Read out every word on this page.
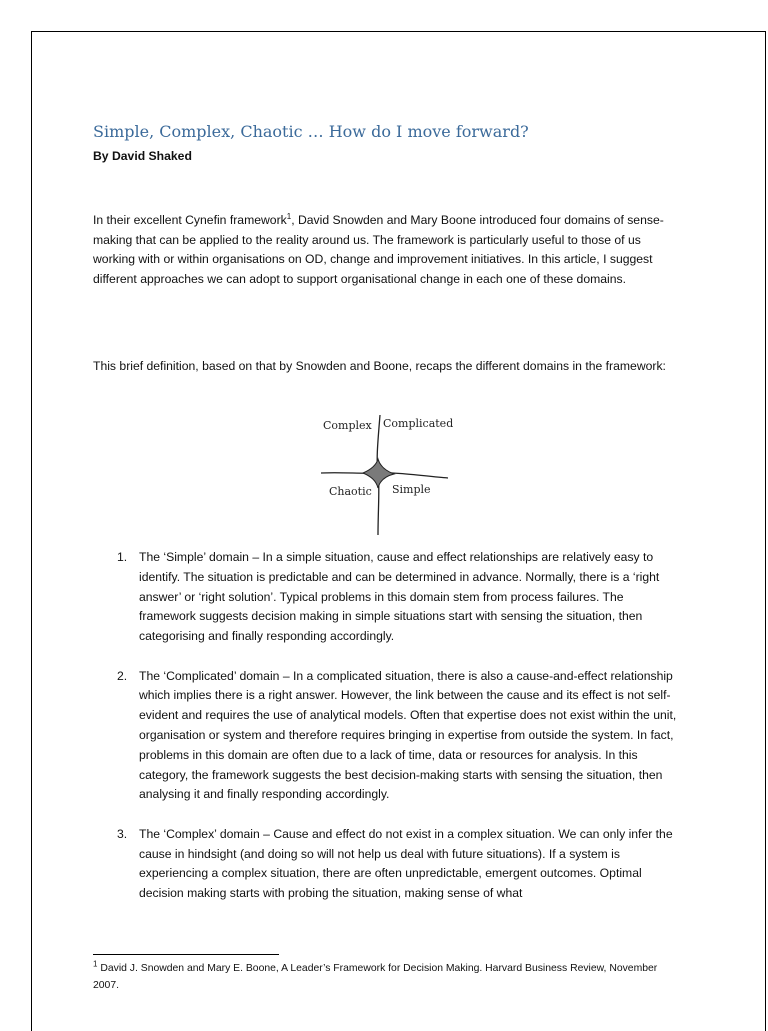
Simple, Complex, Chaotic … How do I move forward?
By David Shaked

In their excellent Cynefin framework$^1$, David Snowden and Mary Boone introduced four domains of sense-making that can be applied to the reality around us. The framework is particularly useful to those of us working with or within organisations on OD, change and improvement initiatives. In this article, I suggest different approaches we can adopt to support organisational change in each one of these domains.

This brief definition, based on that by Snowden and Boone, recaps the different domains in the framework:

Complex Complicated
Chaotic Simple
1. The ‘Simple’ domain – In a simple situation, cause and effect relationships are relatively easy to identify. The situation is predictable and can be determined in advance. Normally, there is a ‘right answer’ or ‘right solution’. Typical problems in this domain stem from process failures. The framework suggests decision making in simple situations start with sensing the situation, then categorising and finally responding accordingly.
2. The ‘Complicated’ domain – In a complicated situation, there is also a cause-and-effect relationship which implies there is a right answer. However, the link between the cause and its effect is not self-evident and requires the use of analytical models. Often that expertise does not exist within the unit, organisation or system and therefore requires bringing in expertise from outside the system. In fact, problems in this domain are often due to a lack of time, data or resources for analysis. In this category, the framework suggests the best decision-making starts with sensing the situation, then analysing it and finally responding accordingly.
3. The ‘Complex’ domain – Cause and effect do not exist in a complex situation. We can only infer the cause in hindsight (and doing so will not help us deal with future situations). If a system is experiencing a complex situation, there are often unpredictable, emergent outcomes. Optimal decision making starts with probing the situation, making sense of what

$^1$ David J. Snowden and Mary E. Boone, A Leader’s Framework for Decision Making. Harvard Business Review, November 2007.
